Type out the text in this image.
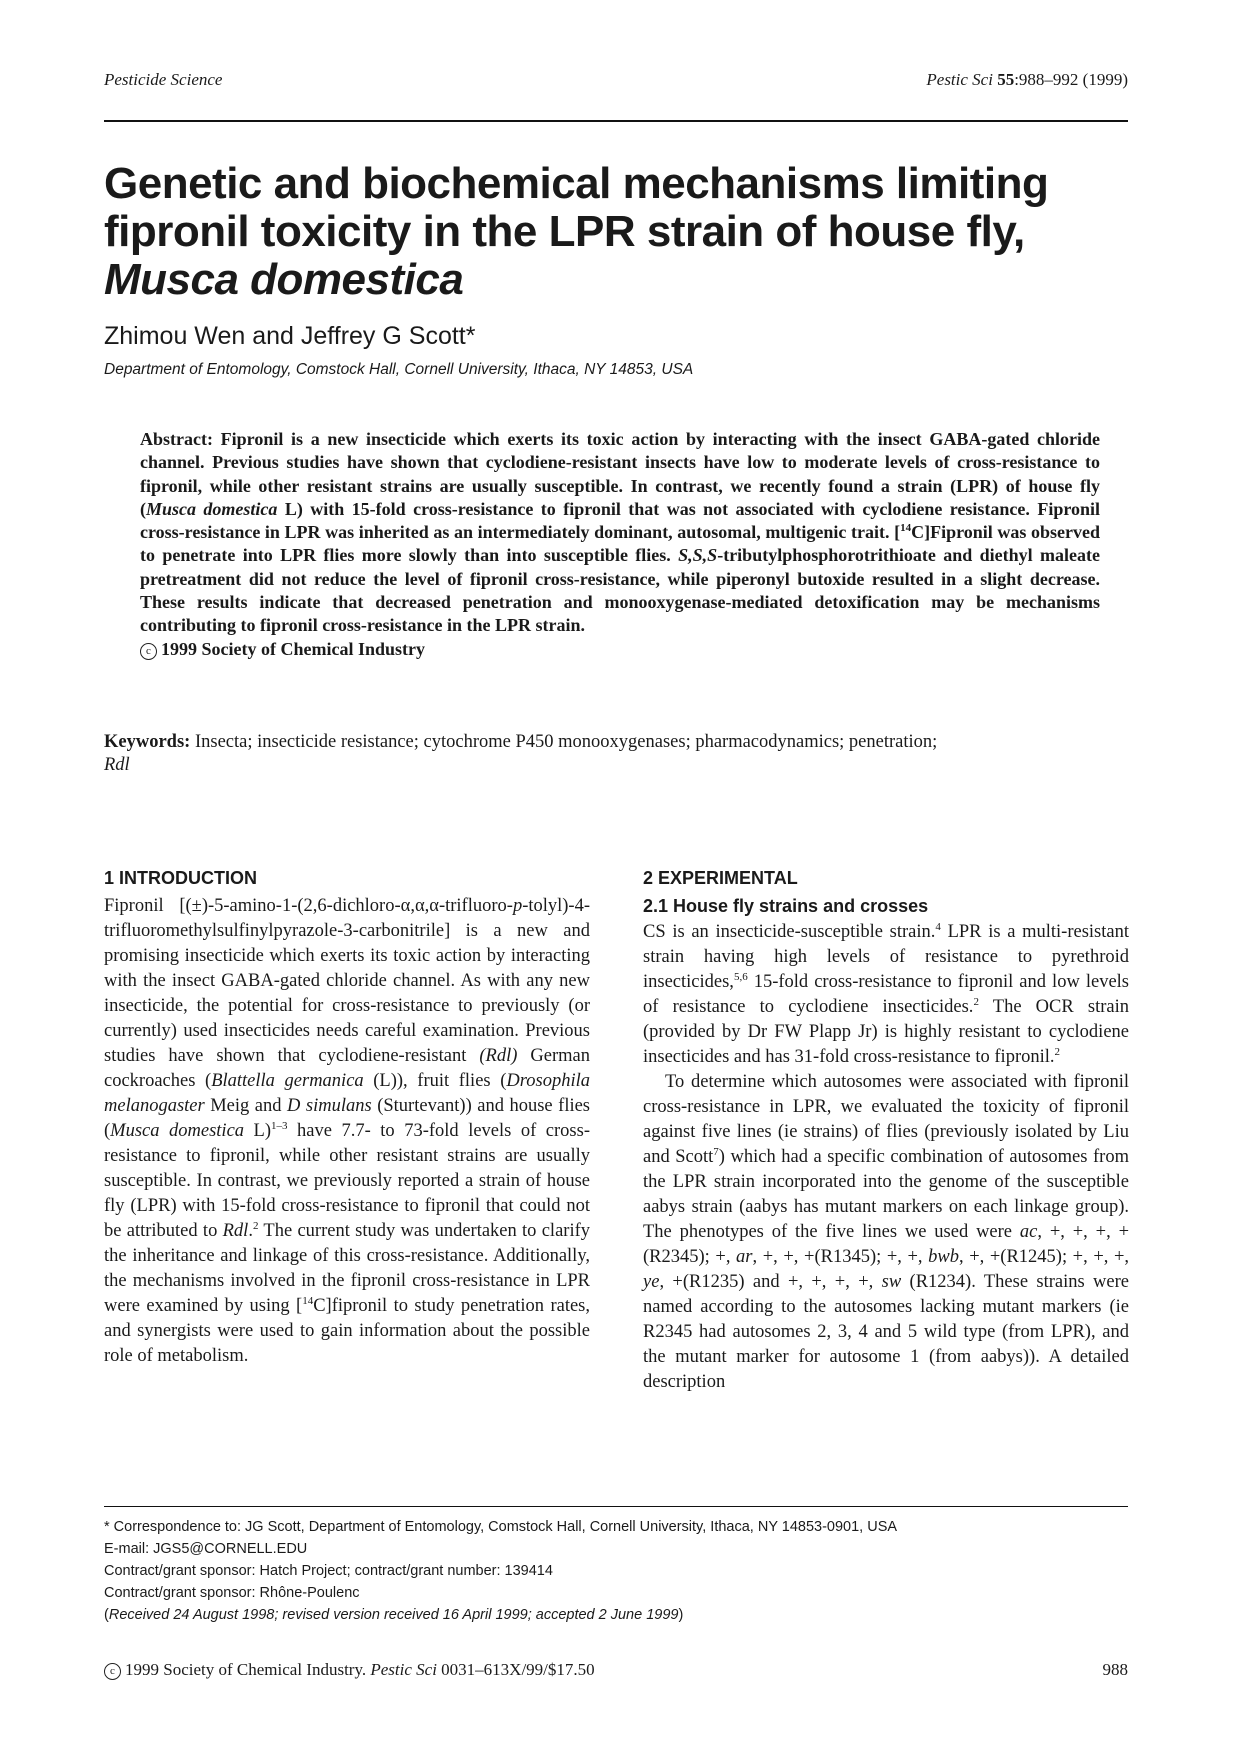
Pesticide Science	Pestic Sci 55:988–992 (1999)
Genetic and biochemical mechanisms limiting fipronil toxicity in the LPR strain of house fly,
Musca domestica
Zhimou Wen and Jeffrey G Scott*
Department of Entomology, Comstock Hall, Cornell University, Ithaca, NY 14853, USA

Abstract: Fipronil is a new insecticide which exerts its toxic action by interacting with the insect GABA-gated chloride channel. Previous studies have shown that cyclodiene-resistant insects have low to moderate levels of cross-resistance to fipronil, while other resistant strains are usually susceptible. In contrast, we recently found a strain (LPR) of house fly (Musca domestica L) with 15-fold cross-resistance to fipronil that was not associated with cyclodiene resistance. Fipronil cross-resistance in LPR was inherited as an intermediately dominant, autosomal, multigenic trait. [$^{14}$C]Fipronil was observed to penetrate into LPR flies more slowly than into susceptible flies. S,S,S-tributylphosphorotrithioate and diethyl maleate pretreatment did not reduce the level of fipronil cross-resistance, while piperonyl butoxide resulted in a slight decrease. These results indicate that decreased penetration and monooxygenase-mediated detoxification may be mechanisms contributing to fipronil cross-resistance in the LPR strain.

c 1999 Society of Chemical Industry

Keywords: Insecta; insecticide resistance; cytochrome P450 monooxygenases; pharmacodynamics; penetration;
Rdl
1 INTRODUCTION

Fipronil [(±)-5-amino-1-(2,6-dichloro-α,α,α-trifluoro-p-tolyl)-4-trifluoromethylsulfinylpyrazole-3-carbonitrile] is a new and promising insecticide which exerts its toxic action by interacting with the insect GABA-gated chloride channel. As with any new insecticide, the potential for cross-resistance to previously (or currently) used insecticides needs careful examination. Previous studies have shown that cyclodiene-resistant (Rdl) German cockroaches (Blattella germanica (L)), fruit flies (Drosophila melanogaster Meig and D simulans (Sturtevant)) and house flies (Musca domestica L)$^{1-3}$ have 7.7- to 73-fold levels of cross-resistance to fipronil, while other resistant strains are usually susceptible. In contrast, we previously reported a strain of house fly (LPR) with 15-fold cross-resistance to fipronil that could not be attributed to Rdl.$^2$ The current study was undertaken to clarify the inheritance and linkage of this cross-resistance. Additionally, the mechanisms involved in the fipronil cross-resistance in LPR were examined by using [$^{14}$C]fipronil to study penetration rates, and synergists were used to gain information about the possible role of metabolism.

2 EXPERIMENTAL
2.1 House fly strains and crosses

CS is an insecticide-susceptible strain.$^4$ LPR is a multi-resistant strain having high levels of resistance to pyrethroid insecticides,$^{5,6}$ 15-fold cross-resistance to fipronil and low levels of resistance to cyclodiene insecticides.$^2$ The OCR strain (provided by Dr FW Plapp Jr) is highly resistant to cyclodiene insecticides and has 31-fold cross-resistance to fipronil.$^2$

To determine which autosomes were associated with fipronil cross-resistance in LPR, we evaluated the toxicity of fipronil against five lines (ie strains) of flies (previously isolated by Liu and Scott$^7$) which had a specific combination of autosomes from the LPR strain incorporated into the genome of the susceptible aabys strain (aabys has mutant markers on each linkage group). The phenotypes of the five lines we used were ac, +, +, +, +(R2345); +, ar, +, +, +(R1345); +, +, bwb, +, +(R1245); +, +, +, ye, +(R1235) and +, +, +, +, sw (R1234). These strains were named according to the autosomes lacking mutant markers (ie R2345 had autosomes 2, 3, 4 and 5 wild type (from LPR), and the mutant marker for autosome 1 (from aabys)). A detailed description

* Correspondence to: JG Scott, Department of Entomology, Comstock Hall, Cornell University, Ithaca, NY 14853-0901, USA
E-mail: JGS5@CORNELL.EDU
Contract/grant sponsor: Hatch Project; contract/grant number: 139414
Contract/grant sponsor: Rhône-Poulenc
(Received 24 August 1998; revised version received 16 April 1999; accepted 2 June 1999)
c 1999 Society of Chemical Industry. Pestic Sci 0031–613X/99/$17.50	988
